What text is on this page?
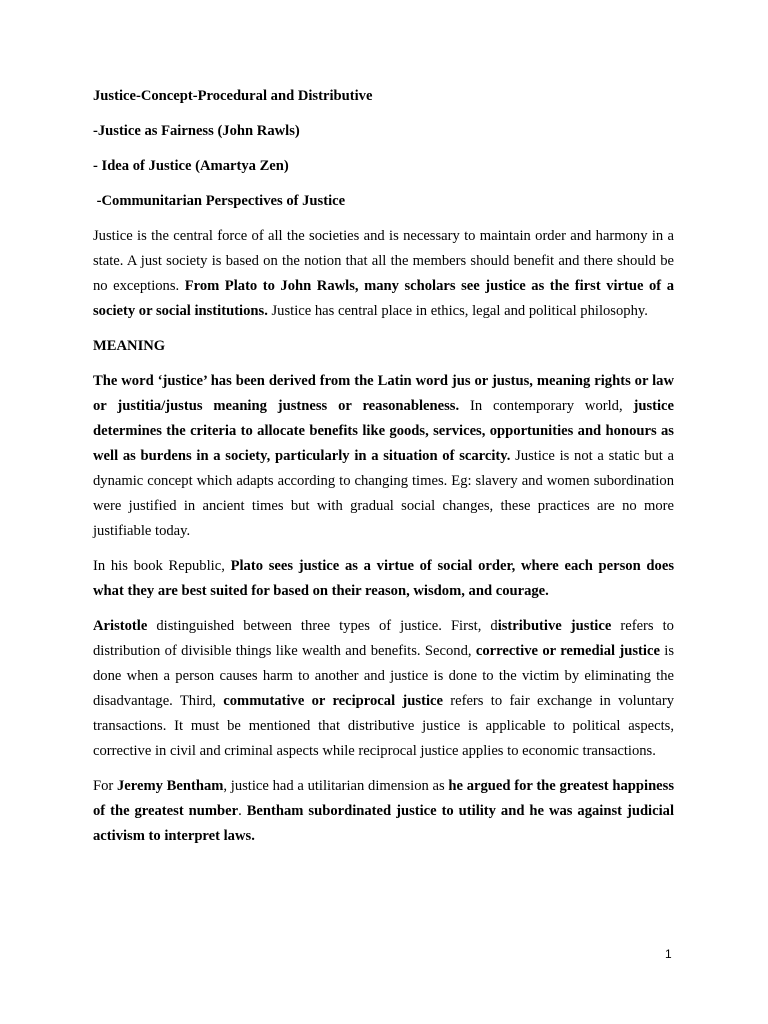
Justice-Concept-Procedural and Distributive
-Justice as Fairness (John Rawls)
- Idea of Justice (Amartya Zen)
-Communitarian Perspectives of Justice

Justice is the central force of all the societies and is necessary to maintain order and harmony in a state. A just society is based on the notion that all the members should benefit and there should be no exceptions. From Plato to John Rawls, many scholars see justice as the first virtue of a society or social institutions. Justice has central place in ethics, legal and political philosophy.

MEANING

The word ‘justice’ has been derived from the Latin word jus or justus, meaning rights or law or justitia/justus meaning justness or reasonableness. In contemporary world, justice determines the criteria to allocate benefits like goods, services, opportunities and honours as well as burdens in a society, particularly in a situation of scarcity. Justice is not a static but a dynamic concept which adapts according to changing times. Eg: slavery and women subordination were justified in ancient times but with gradual social changes, these practices are no more justifiable today.

In his book Republic, Plato sees justice as a virtue of social order, where each person does what they are best suited for based on their reason, wisdom, and courage.

Aristotle distinguished between three types of justice. First, distributive justice refers to distribution of divisible things like wealth and benefits. Second, corrective or remedial justice is done when a person causes harm to another and justice is done to the victim by eliminating the disadvantage. Third, commutative or reciprocal justice refers to fair exchange in voluntary transactions. It must be mentioned that distributive justice is applicable to political aspects, corrective in civil and criminal aspects while reciprocal justice applies to economic transactions.

For Jeremy Bentham, justice had a utilitarian dimension as he argued for the greatest happiness of the greatest number. Bentham subordinated justice to utility and he was against judicial activism to interpret laws.

1
